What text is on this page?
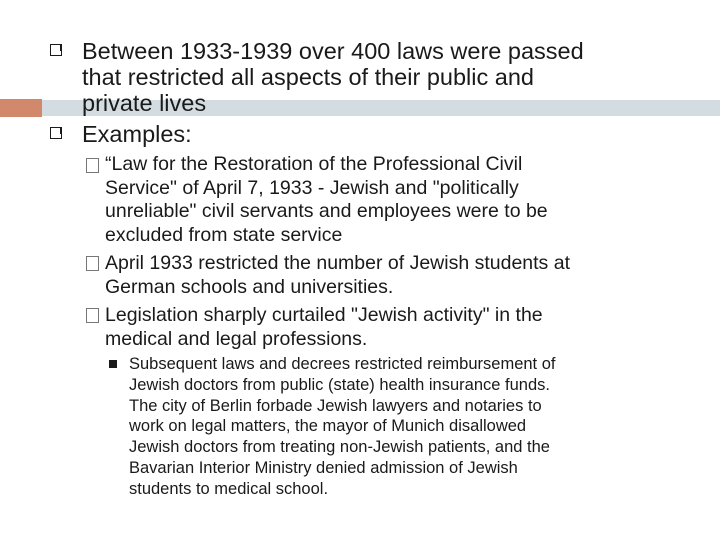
Between 1933-1939 over 400 laws were passed
that restricted all aspects of their public and
private lives
Examples:
“Law for the Restoration of the Professional Civil
Service" of April 7, 1933 - Jewish and "politically
unreliable" civil servants and employees were to be
excluded from state service
April 1933 restricted the number of Jewish students at
German schools and universities.
Legislation sharply curtailed "Jewish activity" in the
medical and legal professions.
Subsequent laws and decrees restricted reimbursement of
Jewish doctors from public (state) health insurance funds.
The city of Berlin forbade Jewish lawyers and notaries to
work on legal matters, the mayor of Munich disallowed
Jewish doctors from treating non-Jewish patients, and the
Bavarian Interior Ministry denied admission of Jewish
students to medical school.
